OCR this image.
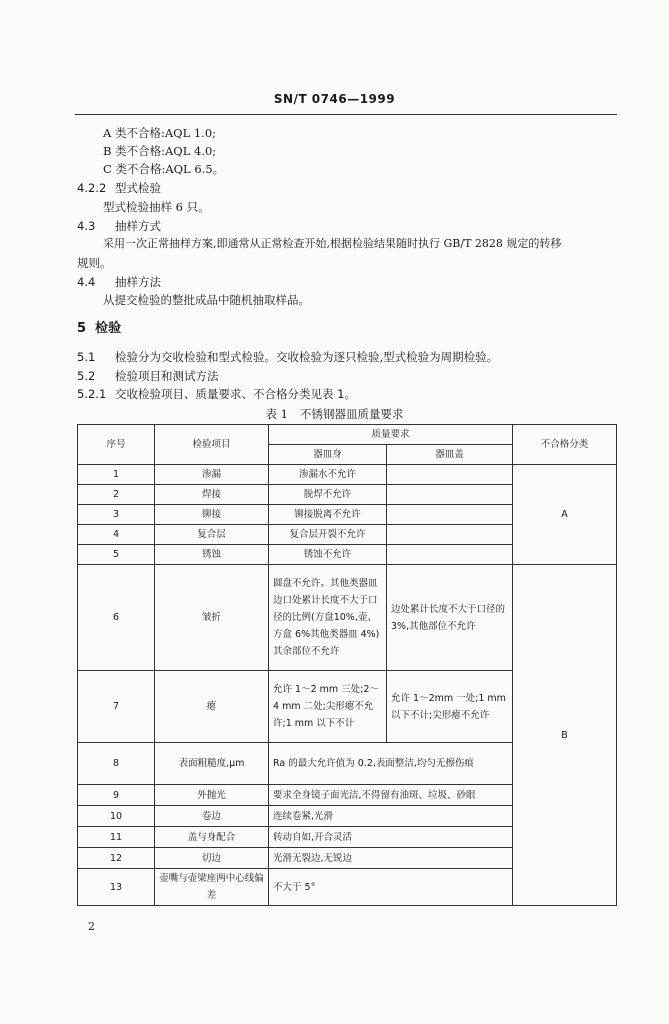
SN/T 0746—1999
A 类不合格:AQL 1.0;
B 类不合格:AQL 4.0;
C 类不合格:AQL 6.5。
4.2.2 型式检验
型式检验抽样 6 只。
4.3 抽样方式
采用一次正常抽样方案,即通常从正常检查开始,根据检验结果随时执行 GB/T 2828 规定的转移
规则。
4.4 抽样方法
从提交检验的整批成品中随机抽取样品。
5 检验
5.1 检验分为交收检验和型式检验。交收检验为逐只检验,型式检验为周期检验。
5.2 检验项目和测试方法
5.2.1 交收检验项目、质量要求、不合格分类见表 1。
表 1 不锈钢器皿质量要求
序号	检验项目	质量要求		不合格分类
		器皿身	器皿盖	
1	渗漏	渗漏水不允许		A
2	焊接	脱焊不允许		
3	铆接	铆接脱离不允许		
4	复合层	复合层开裂不允许		
5	锈蚀	锈蚀不允许		
6	皱折	圆盘不允许。其他类器皿边口处累计长度不大于口径的比例(方盘10%,壶、方盒 6%其他类器皿 4%)其余部位不允许	边处累计长度不大于口径的 3%,其他部位不允许	B
7	瘪	允许 1～2 mm 三处;2～4 mm 二处;尖形瘪不允许;1 mm 以下不计	允许 1～2mm 一处;1 mm 以下不计;尖形瘪不允许	
8	表面粗糙度,μm	Ra 的最大允许值为 0.2,表面整洁,均匀无擦伤痕		
9	外抛光	要求全身镜子面光洁,不得留有油斑、垃圾、砂眼		
10	卷边	连续卷紧,光滑		
11	盖与身配合	转动自如,开合灵活		
12	切边	光滑无裂边,无锐边		
13	壶嘴与壶梁座两中心线偏差	不大于 5°		
2
